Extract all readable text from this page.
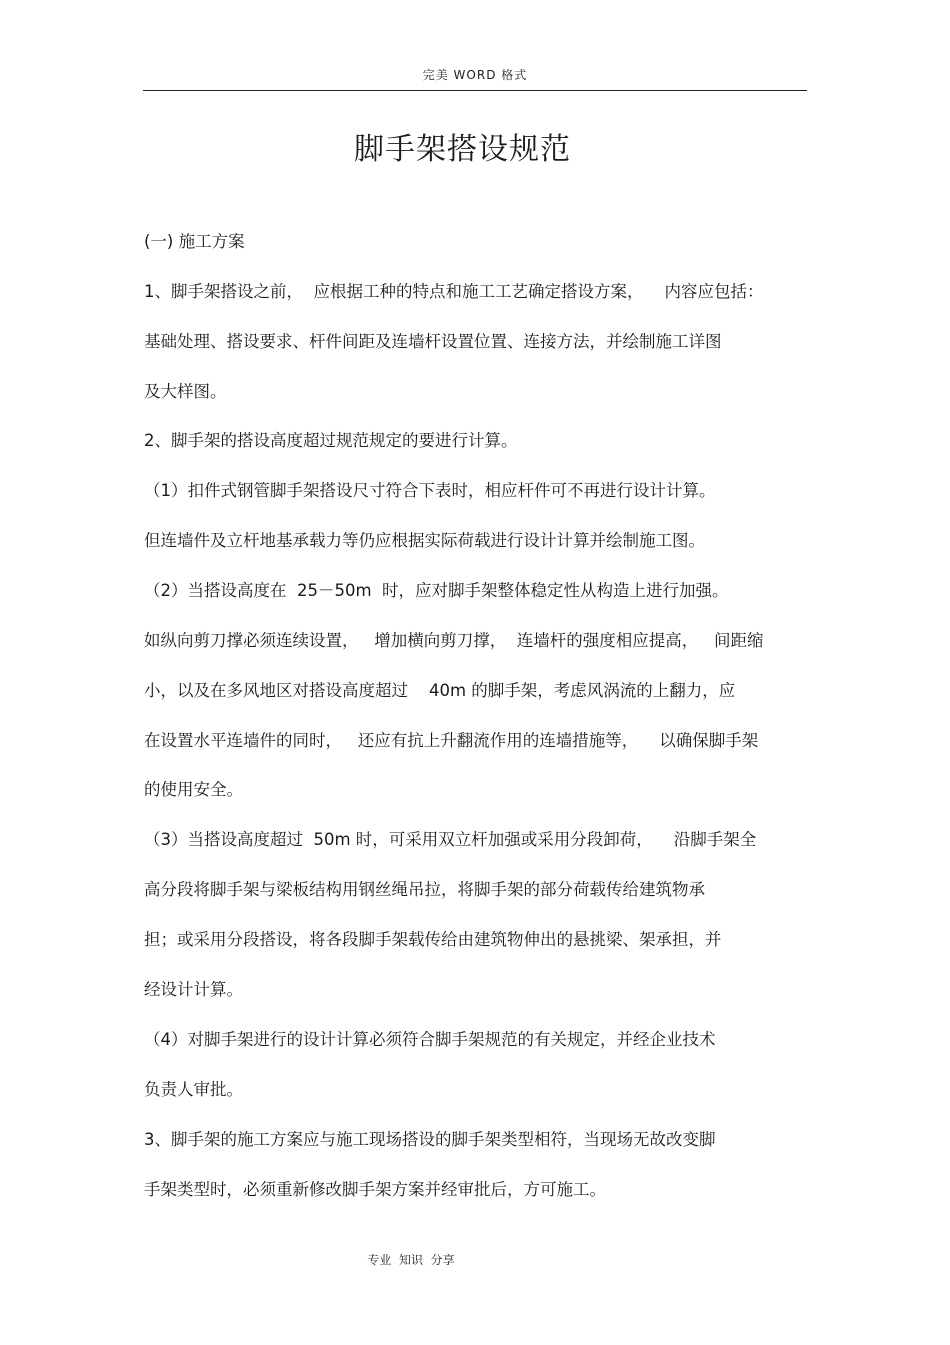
完美 WORD 格式
脚手架搭设规范
(一) 施工方案
1、脚手架搭设之前，  应根据工种的特点和施工工艺确定搭设方案，    内容应包括：
基础处理、搭设要求、杆件间距及连墙杆设置位置、连接方法，并绘制施工详图
及大样图。
2、脚手架的搭设高度超过规范规定的要进行计算。
（1）扣件式钢管脚手架搭设尺寸符合下表时，相应杆件可不再进行设计计算。
但连墙件及立杆地基承载力等仍应根据实际荷载进行设计计算并绘制施工图。
（2）当搭设高度在  25－50m  时，应对脚手架整体稳定性从构造上进行加强。
如纵向剪刀撑必须连续设置，   增加横向剪刀撑，  连墙杆的强度相应提高，   间距缩
小，以及在多风地区对搭设高度超过    40m 的脚手架，考虑风涡流的上翻力，应
在设置水平连墙件的同时，   还应有抗上升翻流作用的连墙措施等，    以确保脚手架
的使用安全。
（3）当搭设高度超过  50m 时，可采用双立杆加强或采用分段卸荷，    沿脚手架全
高分段将脚手架与梁板结构用钢丝绳吊拉，将脚手架的部分荷载传给建筑物承
担；或采用分段搭设，将各段脚手架载传给由建筑物伸出的悬挑梁、架承担，并
经设计计算。
（4）对脚手架进行的设计计算必须符合脚手架规范的有关规定，并经企业技术
负责人审批。
3、脚手架的施工方案应与施工现场搭设的脚手架类型相符，当现场无故改变脚
手架类型时，必须重新修改脚手架方案并经审批后，方可施工。
专业  知识  分享
